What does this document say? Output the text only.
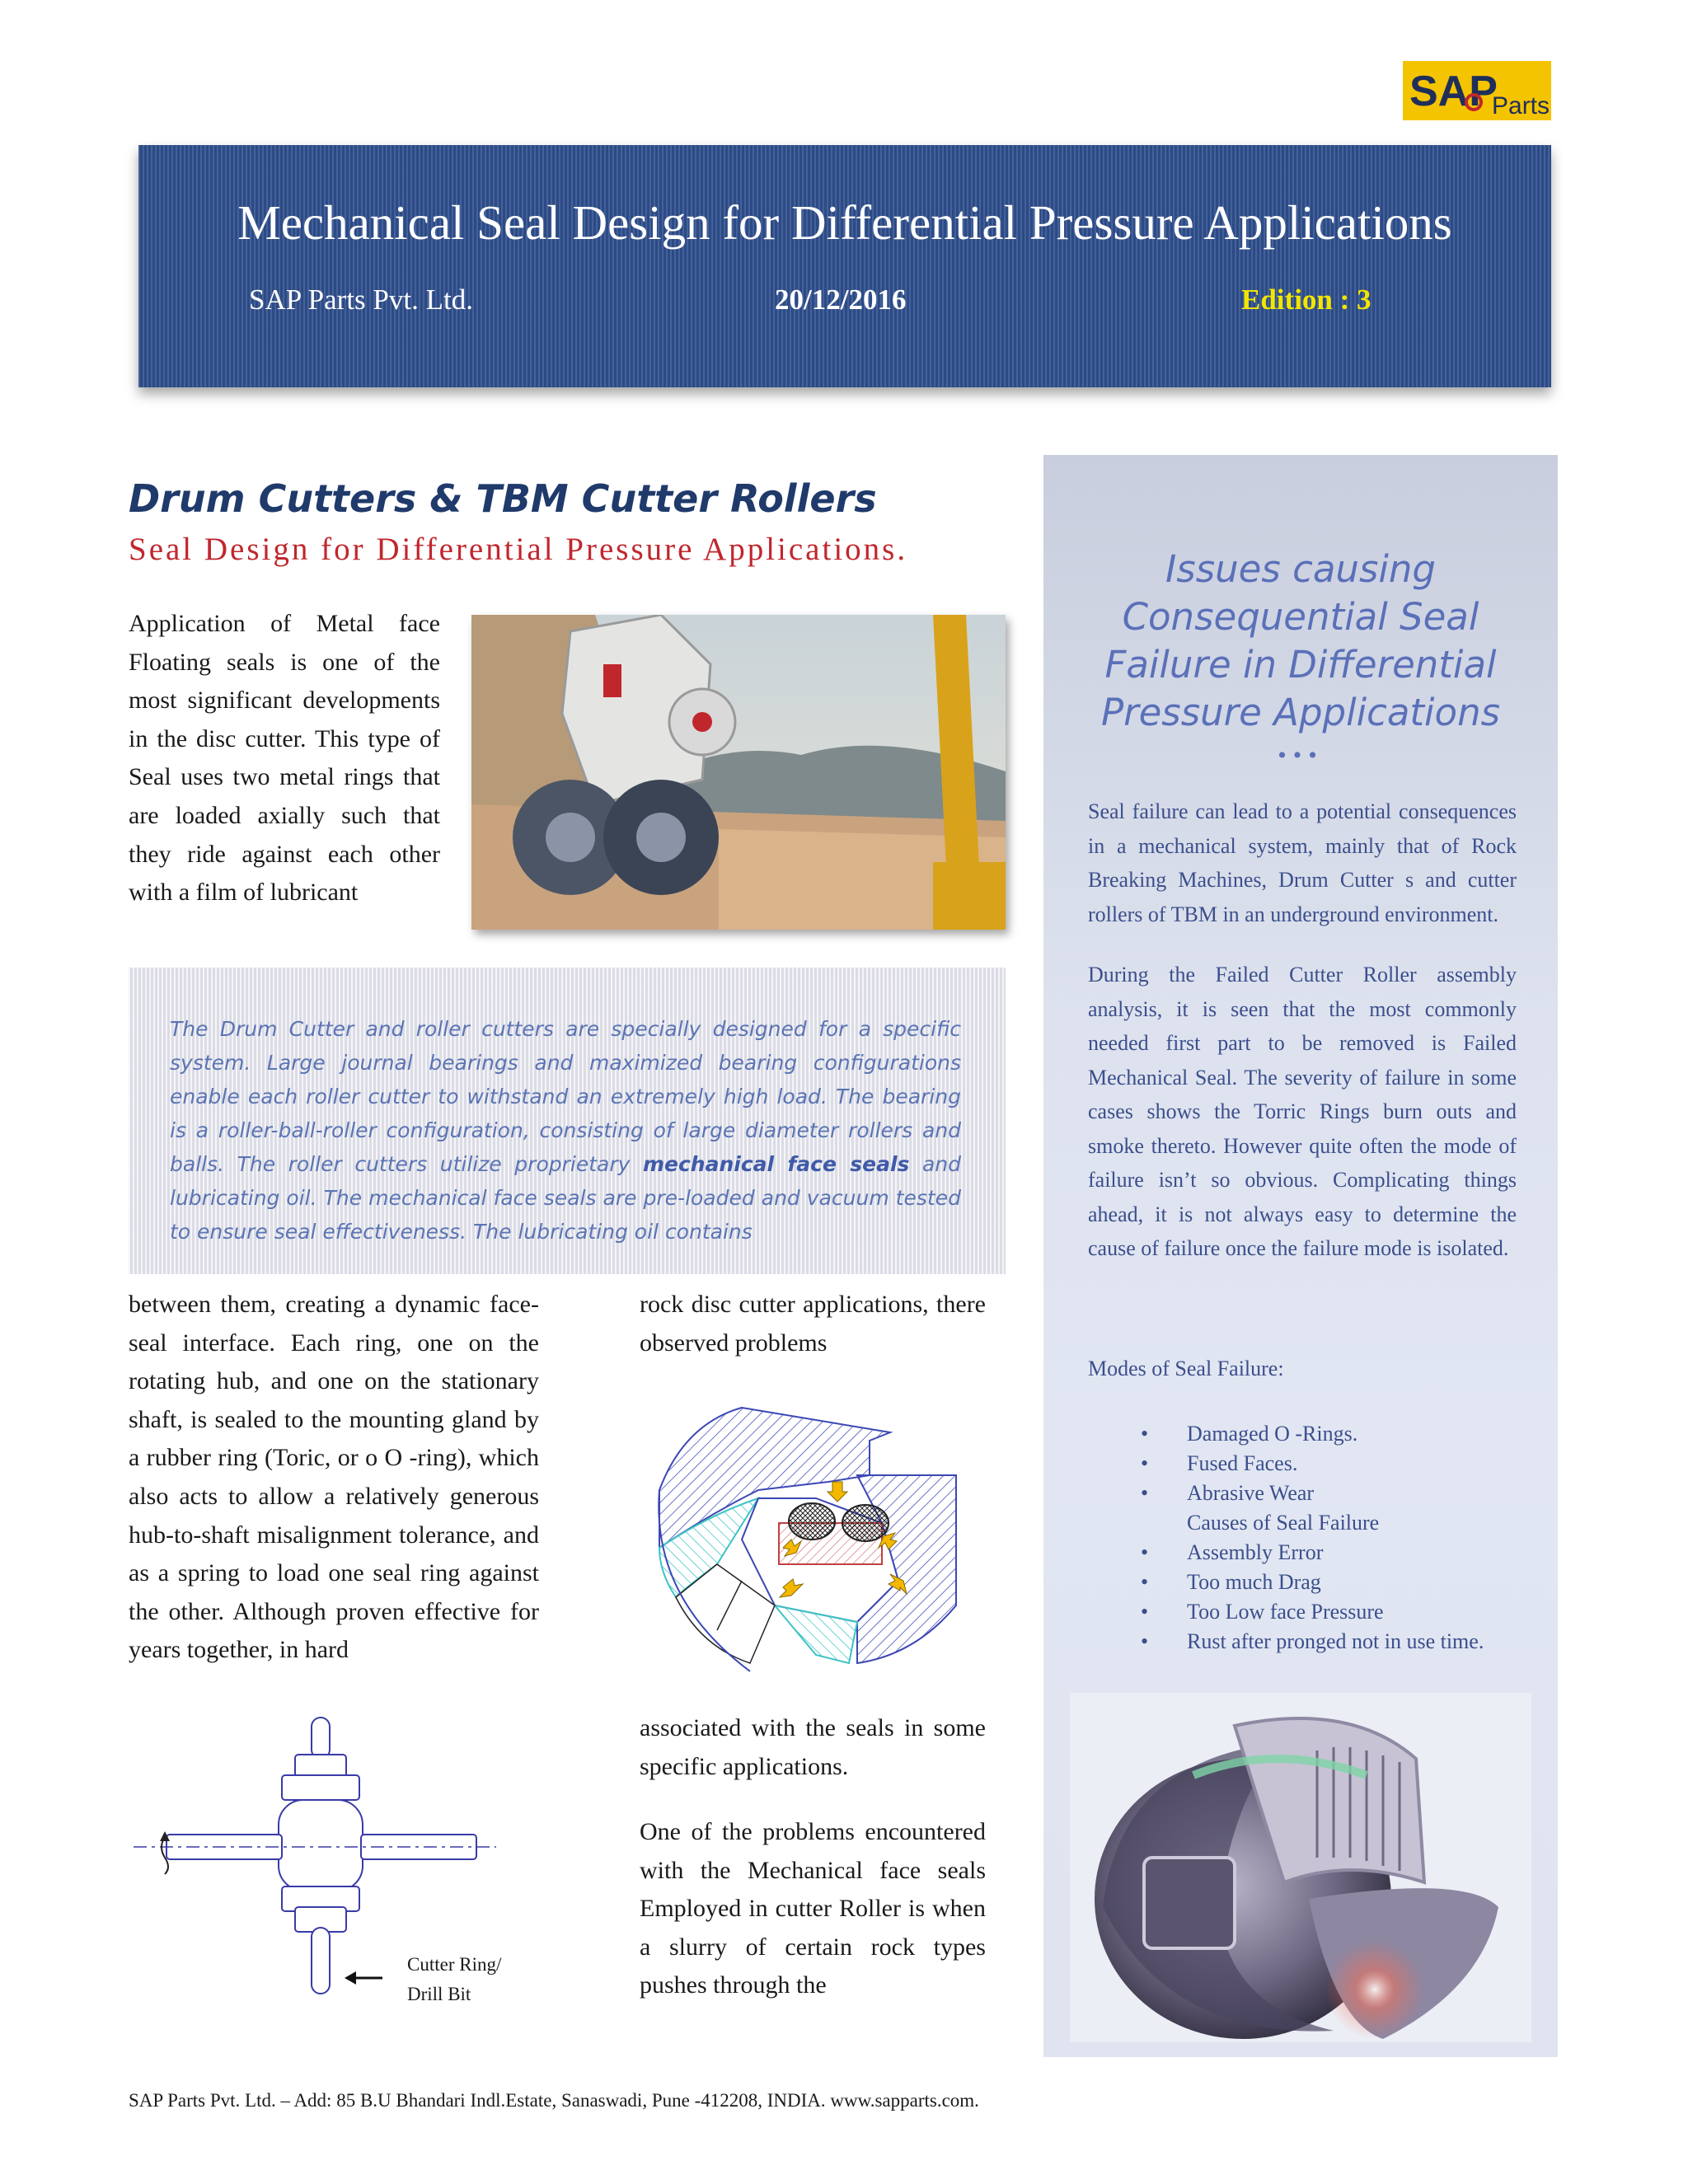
SAP
Parts
Mechanical Seal Design for Differential Pressure Applications
SAP Parts Pvt. Ltd.	20/12/2016	Edition : 3
Drum Cutters & TBM Cutter Rollers
Seal Design for Differential Pressure Applications.
Application of Metal face Floating seals is one of the most significant developments in the disc cutter. This type of Seal uses two metal rings that are loaded axially such that they ride against each other with a film of lubricant
The Drum Cutter and roller cutters are specially designed for a specific system. Large journal bearings and maximized bearing configurations enable each roller cutter to withstand an extremely high load. The bearing is a roller-ball-roller configuration, consisting of large diameter rollers and balls. The roller cutters utilize proprietary mechanical face seals and lubricating oil. The mechanical face seals are pre-loaded and vacuum tested to ensure seal effectiveness. The lubricating oil contains
between them, creating a dynamic face-seal interface. Each ring, one on the rotating hub, and one on the stationary shaft, is sealed to the mounting gland by a rubber ring (Toric, or o O -ring), which also acts to allow a relatively generous hub-to-shaft misalignment tolerance, and as a spring to load one seal ring against the other. Although proven effective for years together, in hard
rock disc cutter applications, there observed problems
associated with the seals in some specific applications.
One of the problems encountered with the Mechanical face seals Employed in cutter Roller is when a slurry of certain rock types pushes through the
Cutter Ring/
Drill Bit
Issues causing Consequential Seal Failure in Differential Pressure Applications
•••

Seal failure can lead to a potential consequences in a mechanical system, mainly that of Rock Breaking Machines, Drum Cutter s and cutter rollers of TBM in an underground environment.

During the Failed Cutter Roller assembly analysis, it is seen that the most commonly needed first part to be removed is Failed Mechanical Seal. The severity of failure in some cases shows the Torric Rings burn outs and smoke thereto. However quite often the mode of failure isn’t so obvious. Complicating things ahead, it is not always easy to determine the cause of failure once the failure mode is isolated.

Modes of Seal Failure:
• Damaged O -Rings.
• Fused Faces.
• Abrasive Wear
Causes of Seal Failure
• Assembly Error
• Too much Drag
• Too Low face Pressure
• Rust after pronged not in use time.
SAP Parts Pvt. Ltd. – Add: 85 B.U Bhandari Indl.Estate, Sanaswadi, Pune -412208, INDIA. www.sapparts.com.
